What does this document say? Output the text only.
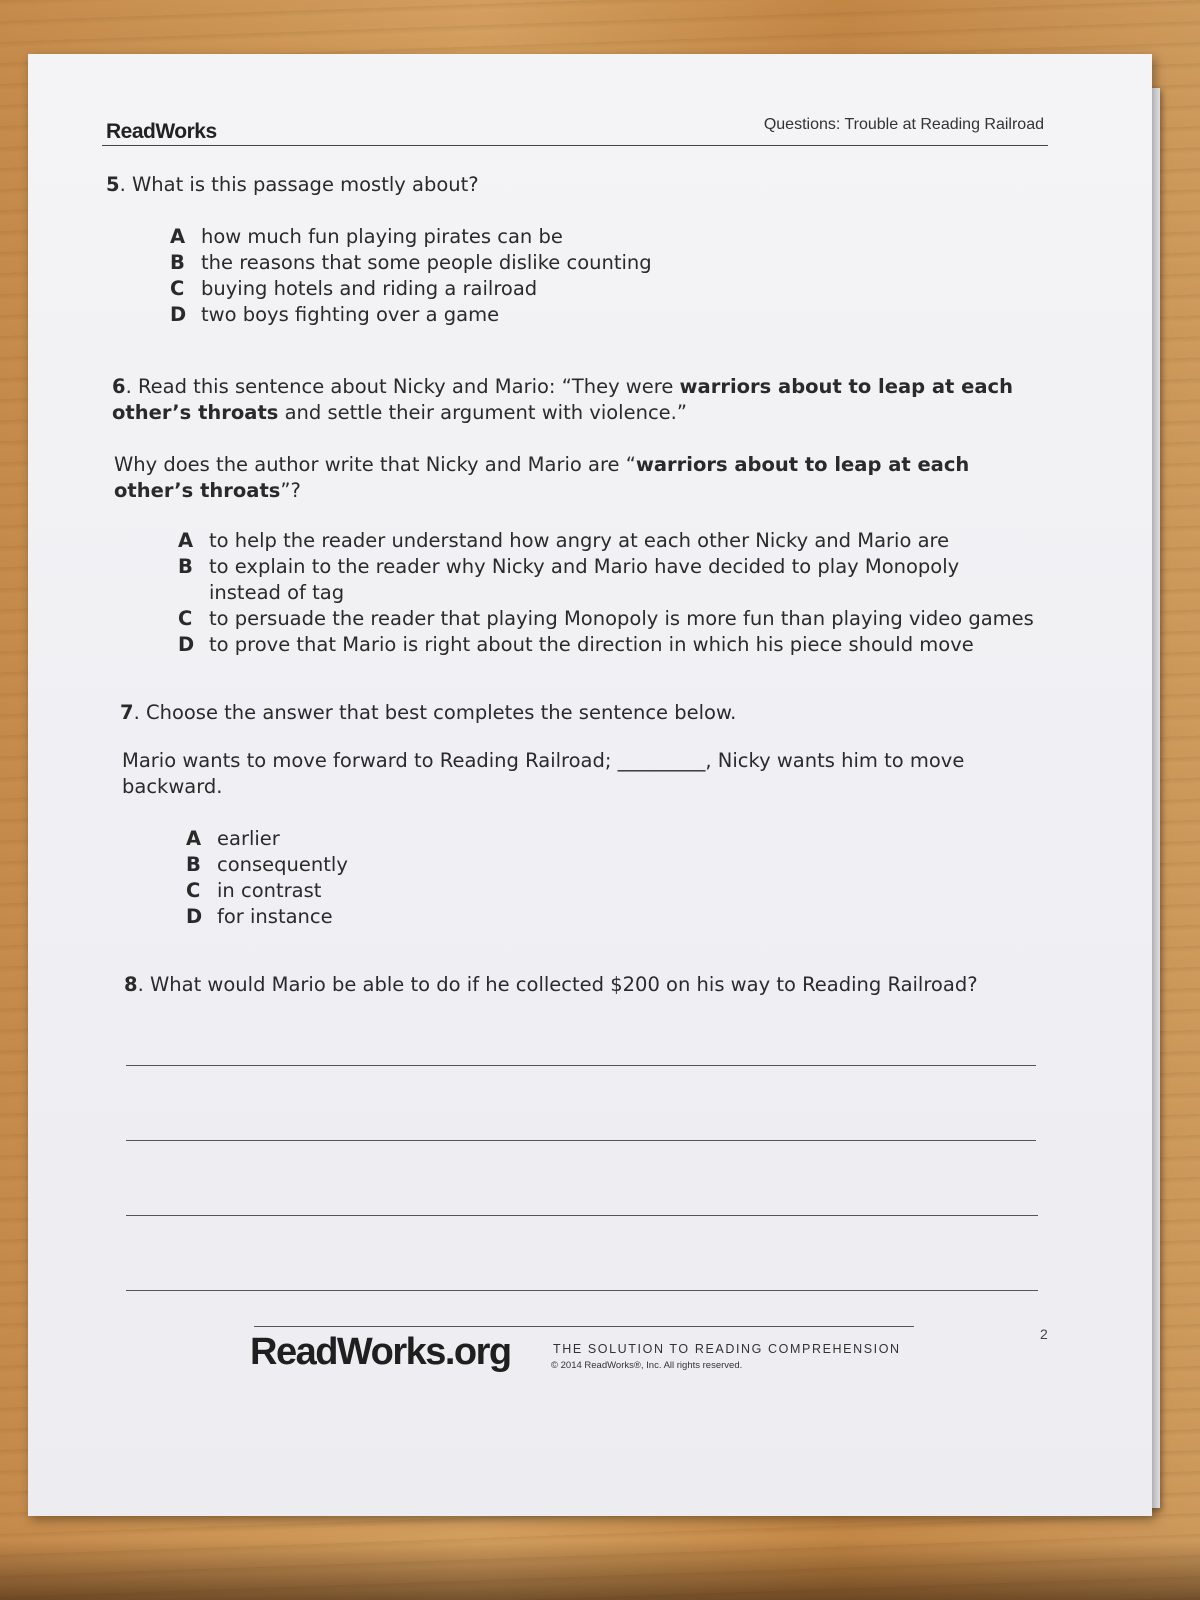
ReadWorks	Questions: Trouble at Reading Railroad
5. What is this passage mostly about?
A how much fun playing pirates can be
B the reasons that some people dislike counting
C buying hotels and riding a railroad
D two boys fighting over a game
6. Read this sentence about Nicky and Mario: “They were warriors about to leap at each other’s throats and settle their argument with violence.”
Why does the author write that Nicky and Mario are “warriors about to leap at each other’s throats”?
A to help the reader understand how angry at each other Nicky and Mario are
B to explain to the reader why Nicky and Mario have decided to play Monopoly instead of tag
C to persuade the reader that playing Monopoly is more fun than playing video games
D to prove that Mario is right about the direction in which his piece should move
7. Choose the answer that best completes the sentence below.
Mario wants to move forward to Reading Railroad; _________, Nicky wants him to move backward.
A earlier
B consequently
C in contrast
D for instance
8. What would Mario be able to do if he collected $200 on his way to Reading Railroad?
ReadWorks.org	THE SOLUTION TO READING COMPREHENSION
© 2014 ReadWorks®, Inc. All rights reserved.
2
